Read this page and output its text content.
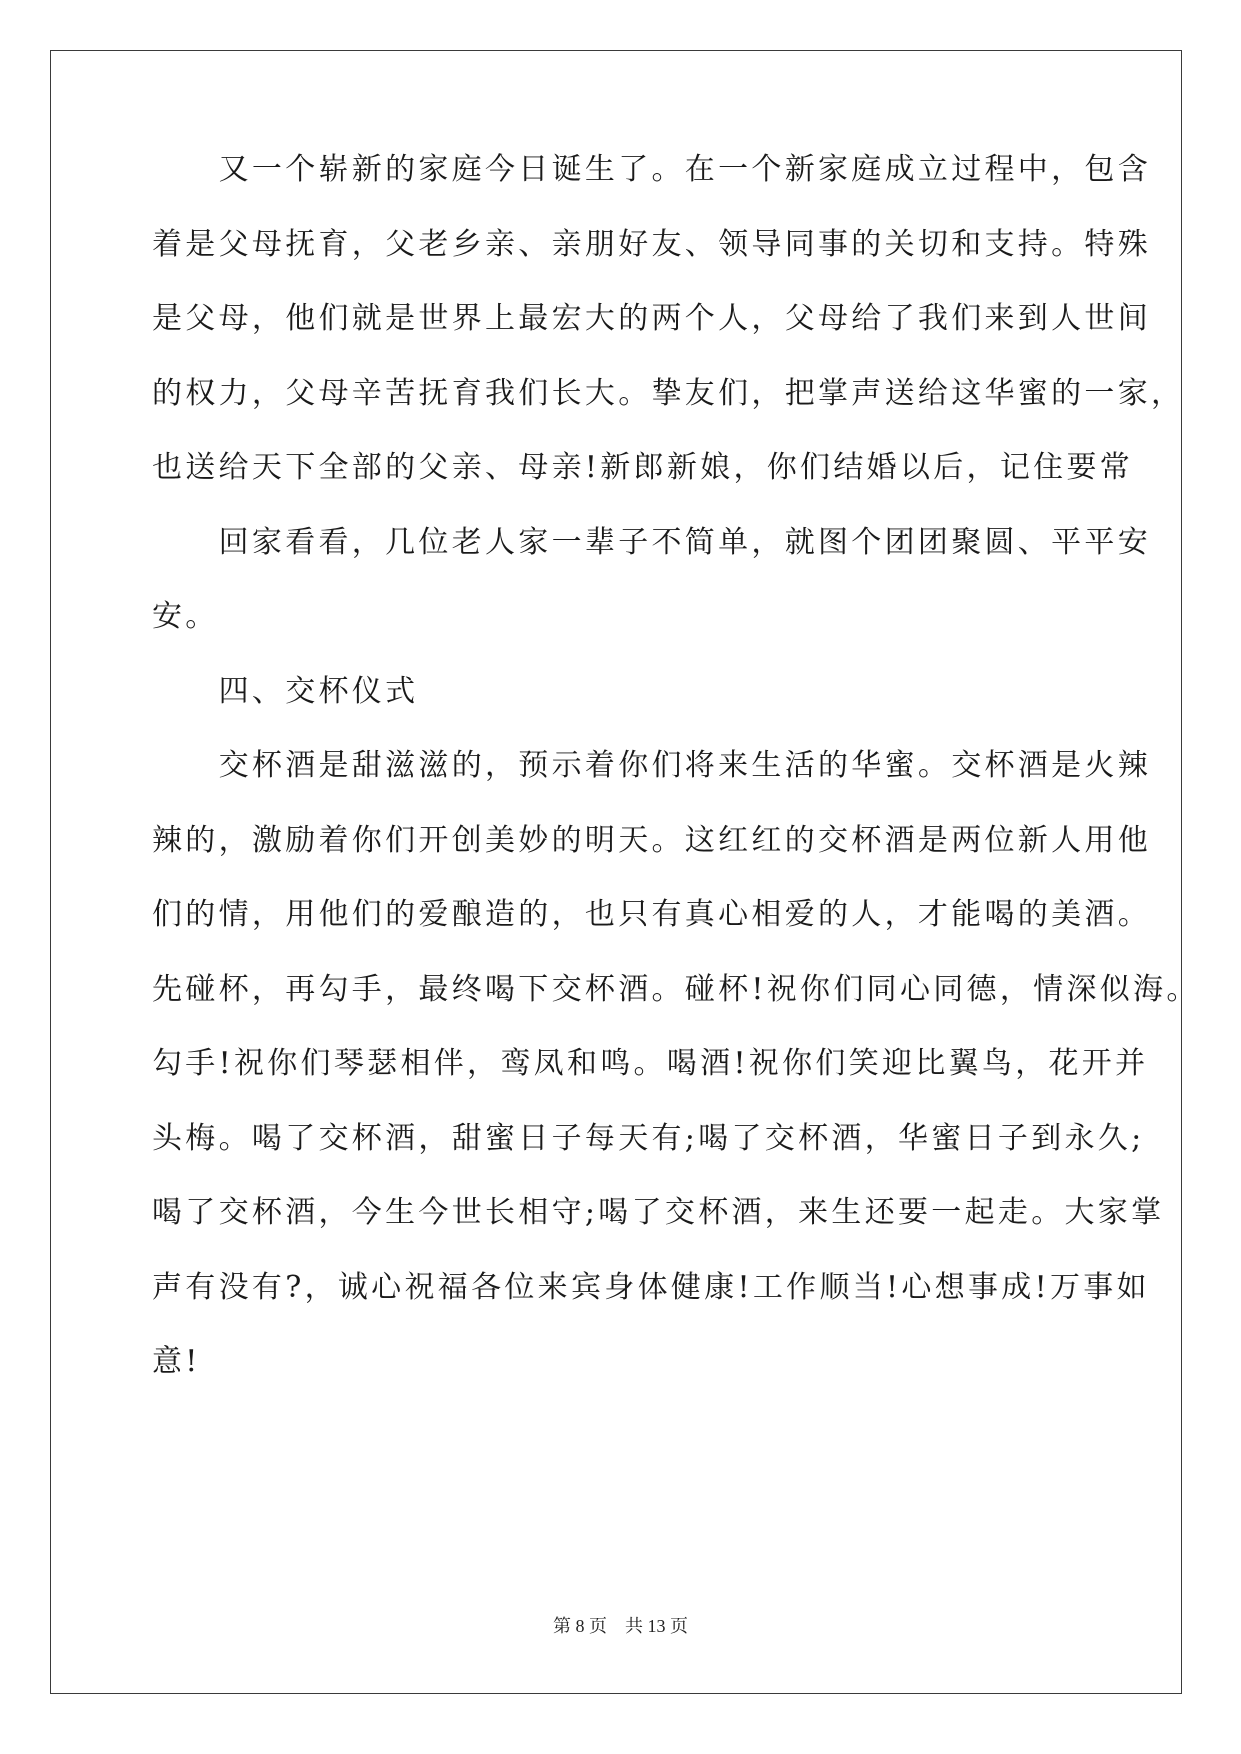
　　又一个崭新的家庭今日诞生了。在一个新家庭成立过程中，包含

着是父母抚育，父老乡亲、亲朋好友、领导同事的关切和支持。特殊

是父母，他们就是世界上最宏大的两个人，父母给了我们来到人世间

的权力，父母辛苦抚育我们长大。挚友们，把掌声送给这华蜜的一家，

也送给天下全部的父亲、母亲!新郎新娘，你们结婚以后，记住要常

　　回家看看，几位老人家一辈子不简单，就图个团团聚圆、平平安

安。

　　四、交杯仪式

　　交杯酒是甜滋滋的，预示着你们将来生活的华蜜。交杯酒是火辣

辣的，激励着你们开创美妙的明天。这红红的交杯酒是两位新人用他

们的情，用他们的爱酿造的，也只有真心相爱的人，才能喝的美酒。

先碰杯，再勾手，最终喝下交杯酒。碰杯!祝你们同心同德，情深似海。

勾手!祝你们琴瑟相伴，鸾凤和鸣。喝酒!祝你们笑迎比翼鸟，花开并

头梅。喝了交杯酒，甜蜜日子每天有;喝了交杯酒，华蜜日子到永久;

喝了交杯酒，今生今世长相守;喝了交杯酒，来生还要一起走。大家掌

声有没有?，诚心祝福各位来宾身体健康!工作顺当!心想事成!万事如

意!

第 8 页　共 13 页
